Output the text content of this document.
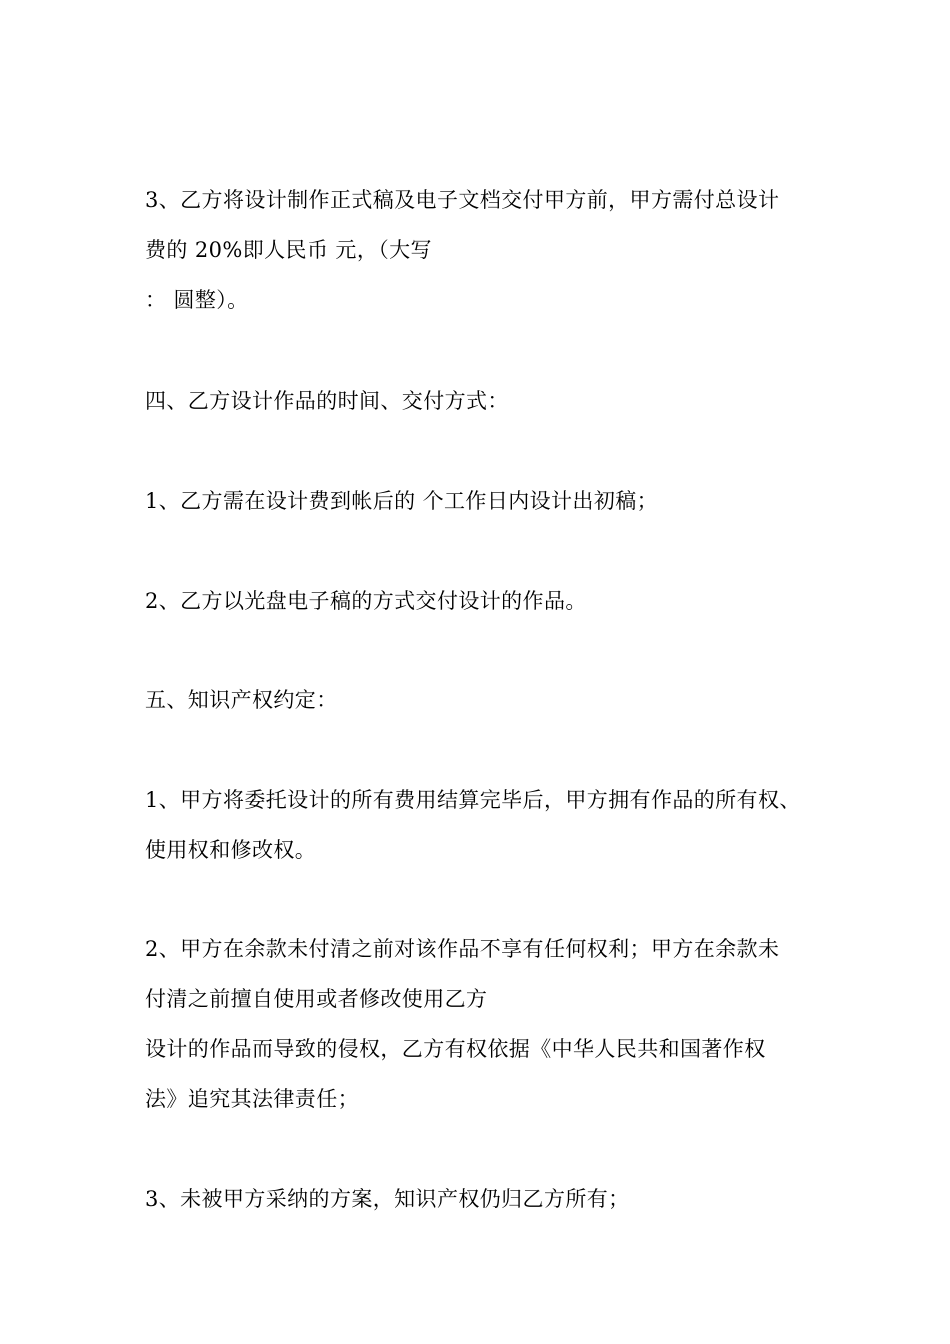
3、乙方将设计制作正式稿及电子文档交付甲方前，甲方需付总设计
费的 20%即人民币 元，（大写
： 圆整）。
四、乙方设计作品的时间、交付方式：
1、乙方需在设计费到帐后的 个工作日内设计出初稿；
2、乙方以光盘电子稿的方式交付设计的作品。
五、知识产权约定：
1、甲方将委托设计的所有费用结算完毕后，甲方拥有作品的所有权、
使用权和修改权。
2、甲方在余款未付清之前对该作品不享有任何权利；甲方在余款未
付清之前擅自使用或者修改使用乙方
设计的作品而导致的侵权，乙方有权依据《中华人民共和国著作权
法》追究其法律责任；
3、未被甲方采纳的方案，知识产权仍归乙方所有；
